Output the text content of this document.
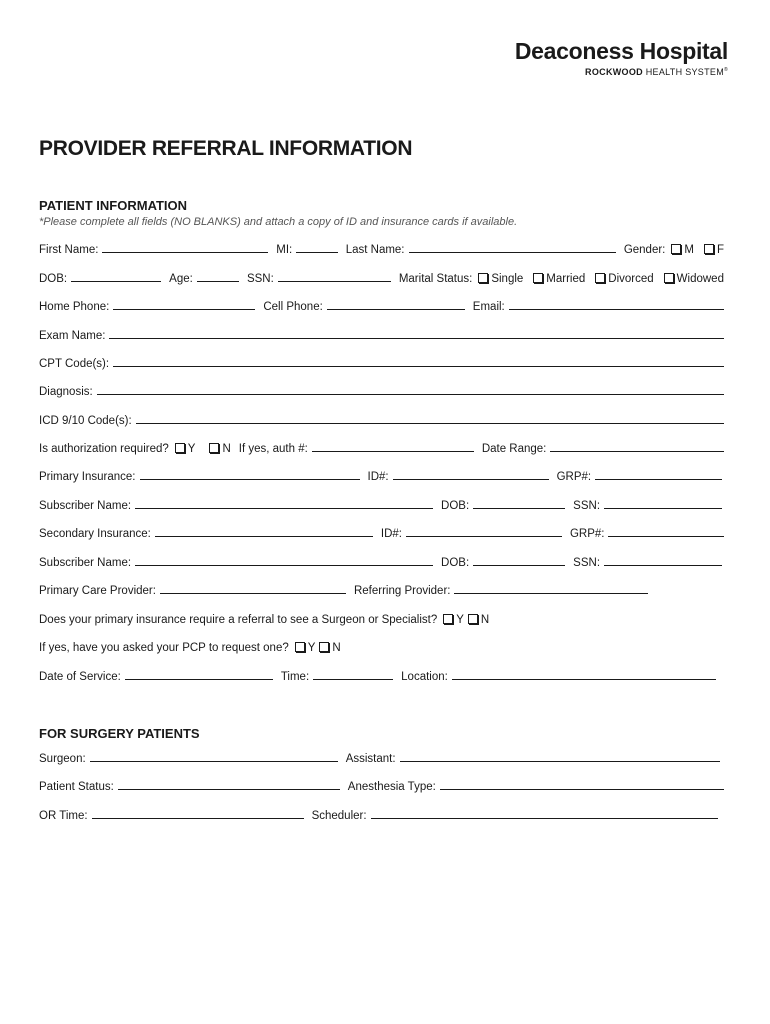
Deaconess Hospital
ROCKWOOD HEALTH SYSTEM®
PROVIDER REFERRAL INFORMATION
PATIENT INFORMATION
*Please complete all fields (NO BLANKS) and attach a copy of ID and insurance cards if available.
First Name:	MI:	Last Name:	Gender: M F
DOB:	Age:	SSN:	Marital Status: Single Married Divorced Widowed
Home Phone:	Cell Phone:	Email:
Exam Name:
CPT Code(s):
Diagnosis:
ICD 9/10 Code(s):
Is authorization required? Y N If yes, auth #:	Date Range:
Primary Insurance:	ID#:	GRP#:
Subscriber Name:	DOB:	SSN:
Secondary Insurance:	ID#:	GRP#:
Subscriber Name:	DOB:	SSN:
Primary Care Provider:	Referring Provider:
Does your primary insurance require a referral to see a Surgeon or Specialist? Y N
If yes, have you asked your PCP to request one? Y N
Date of Service:	Time:	Location:
FOR SURGERY PATIENTS
Surgeon:	Assistant:
Patient Status:	Anesthesia Type:
OR Time:	Scheduler:
